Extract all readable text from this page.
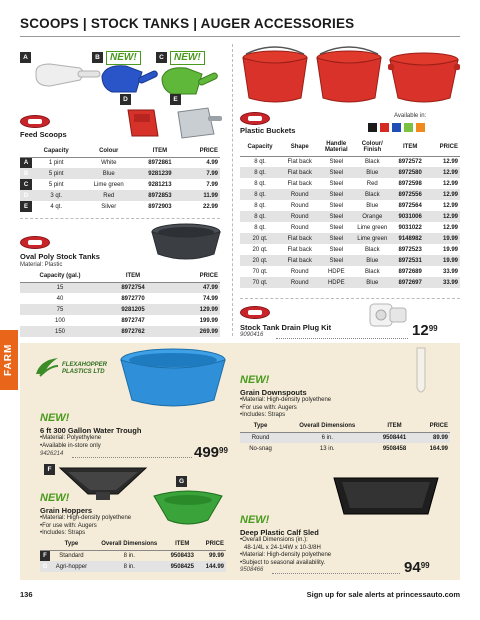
SCOOPS | STOCK TANKS | AUGER ACCESSORIES
FARM
A	B	NEW!	C	NEW!
D	E
Feed Scoops
	Capacity	Colour	ITEM	PRICE
A	1 pint	White	8972861	4.99
B	5 pint	Blue	9281239	7.99
C	5 pint	Lime green	9281213	7.99
D	3 qt.	Red	8972853	11.99
E	4 qt.	Silver	8972903	22.99
Oval Poly Stock Tanks
Material: Plastic
Capacity (gal.)	ITEM	PRICE
15	8972754	47.99
40	8972770	74.99
75	9281205	129.99
100	8972747	199.99
150	8972762	269.99
Plastic Buckets
Available in:
Capacity	Shape	Handle Material	Colour/ Finish	ITEM	PRICE
8 qt.	Flat back	Steel	Black	8972572	12.99
8 qt.	Flat back	Steel	Blue	8972580	12.99
8 qt.	Flat back	Steel	Red	8972598	12.99
8 qt.	Round	Steel	Black	8972556	12.99
8 qt.	Round	Steel	Blue	8972564	12.99
8 qt.	Round	Steel	Orange	9031006	12.99
8 qt.	Round	Steel	Lime green	9031022	12.99
20 qt.	Flat back	Steel	Lime green	9148982	19.99
20 qt.	Flat back	Steel	Black	8972523	19.99
20 qt.	Flat back	Steel	Blue	8972531	19.99
70 qt.	Round	HDPE	Black	8972689	33.99
70 qt.	Round	HDPE	Blue	8972697	33.99
Stock Tank Drain Plug Kit
9090416	$12^{99}$
FLEXAHOPPER PLASTICS LTD
NEW!
6 ft 300 Gallon Water Trough
•Material: Polyethylene
•Available in-store only
9426214	$499^{99}$
F
G
NEW!
Grain Hoppers
•Material: High-density polyethene
•For use with: Augers
•Includes: Straps
	Type	Overall Dimensions	ITEM	PRICE
F	Standard	8 in.	9508433	99.99
G	Agri-hopper	8 in.	9508425	144.99
NEW!
Grain Downspouts
•Material: High-density polyethene
•For use with: Augers
•Includes: Straps
Type	Overall Dimensions	ITEM	PRICE
Round	6 in.	9508441	89.99
No-snag	13 in.	9508458	164.99
NEW!
Deep Plastic Calf Sled
•Overall Dimensions (in.):
48-1/4L x 24-1/4W x 10-3/8H
•Material: High-density polyethene
•Subject to seasonal availability.
9508466	$94^{99}$
136	Sign up for sale alerts at princessauto.com
